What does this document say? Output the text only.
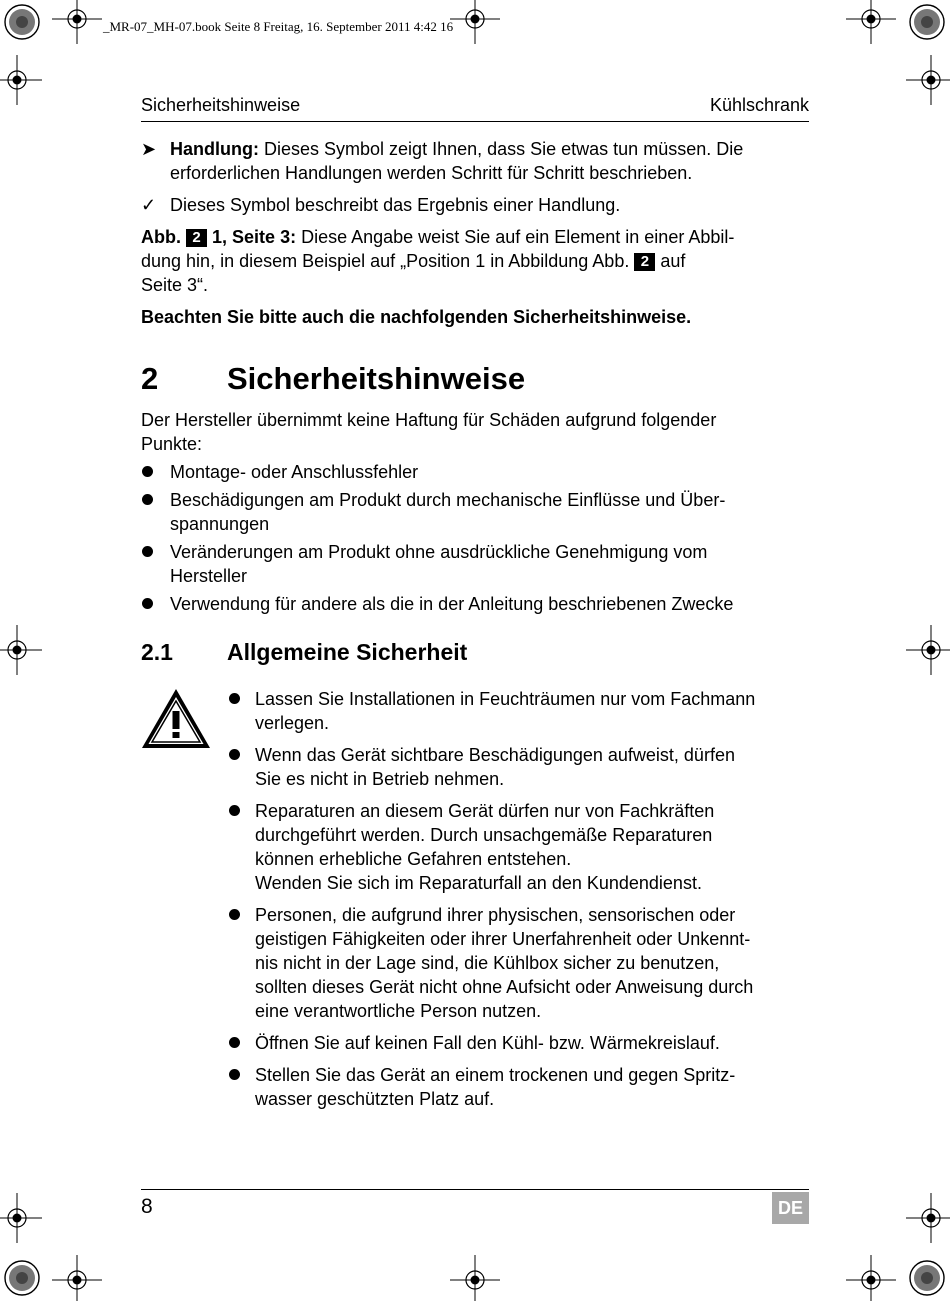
_MR-07_MH-07.book Seite 8 Freitag, 16. September 2011 4:42 16
Sicherheitshinweise	Kühlschrank
➤ Handlung: Dieses Symbol zeigt Ihnen, dass Sie etwas tun müssen. Die
erforderlichen Handlungen werden Schritt für Schritt beschrieben.
✓ Dieses Symbol beschreibt das Ergebnis einer Handlung.
Abb. 2 1, Seite 3: Diese Angabe weist Sie auf ein Element in einer Abbil-
dung hin, in diesem Beispiel auf „Position 1 in Abbildung Abb. 2 auf
Seite 3“.
Beachten Sie bitte auch die nachfolgenden Sicherheitshinweise.
2 Sicherheitshinweise
Der Hersteller übernimmt keine Haftung für Schäden aufgrund folgender
Punkte:
Montage- oder Anschlussfehler
Beschädigungen am Produkt durch mechanische Einflüsse und Über-
spannungen
Veränderungen am Produkt ohne ausdrückliche Genehmigung vom
Hersteller
Verwendung für andere als die in der Anleitung beschriebenen Zwecke
2.1 Allgemeine Sicherheit
Lassen Sie Installationen in Feuchträumen nur vom Fachmann
verlegen.
Wenn das Gerät sichtbare Beschädigungen aufweist, dürfen
Sie es nicht in Betrieb nehmen.
Reparaturen an diesem Gerät dürfen nur von Fachkräften
durchgeführt werden. Durch unsachgemäße Reparaturen
können erhebliche Gefahren entstehen.
Wenden Sie sich im Reparaturfall an den Kundendienst.
Personen, die aufgrund ihrer physischen, sensorischen oder
geistigen Fähigkeiten oder ihrer Unerfahrenheit oder Unkennt-
nis nicht in der Lage sind, die Kühlbox sicher zu benutzen,
sollten dieses Gerät nicht ohne Aufsicht oder Anweisung durch
eine verantwortliche Person nutzen.
Öffnen Sie auf keinen Fall den Kühl- bzw. Wärmekreislauf.
Stellen Sie das Gerät an einem trockenen und gegen Spritz-
wasser geschützten Platz auf.
8	DE
